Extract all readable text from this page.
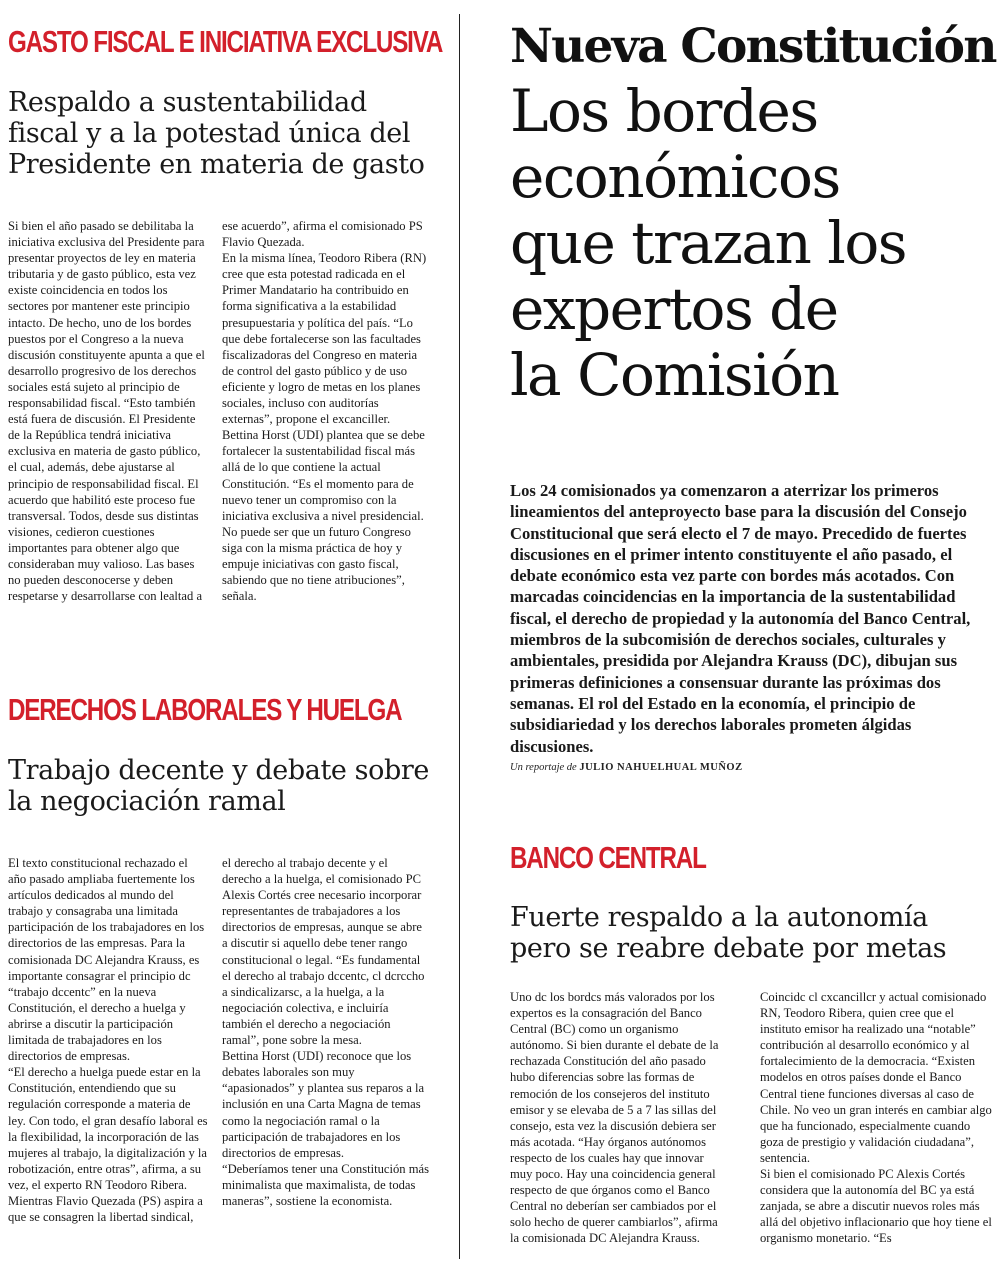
GASTO FISCAL E INICIATIVA EXCLUSIVA
Respaldo a sustentabilidad fiscal y a la potestad única del Presidente en materia de gasto

Si bien el año pasado se debilitaba la iniciativa exclusiva del Presidente para presentar proyectos de ley en materia tributaria y de gasto público, esta vez existe coincidencia en todos los sectores por mantener este principio intacto. De hecho, uno de los bordes puestos por el Congreso a la nueva discusión constituyente apunta a que el desarrollo progresivo de los derechos sociales está sujeto al principio de responsabilidad fiscal. “Esto también está fuera de discusión. El Presidente de la República tendrá iniciativa exclusiva en materia de gasto público, el cual, además, debe ajustarse al principio de responsabilidad fiscal. El acuerdo que habilitó este proceso fue transversal. Todos, desde sus distintas visiones, cedieron cuestiones importantes para obtener algo que consideraban muy valioso. Las bases no pueden desconocerse y deben respetarse y desarrollarse con lealtad a

ese acuerdo”, afirma el comisionado PS Flavio Quezada.

En la misma línea, Teodoro Ribera (RN) cree que esta potestad radicada en el Primer Mandatario ha contribuido en forma significativa a la estabilidad presupuestaria y política del país. “Lo que debe fortalecerse son las facultades fiscalizadoras del Congreso en materia de control del gasto público y de uso eficiente y logro de metas en los planes sociales, incluso con auditorías externas”, propone el excanciller.

Bettina Horst (UDI) plantea que se debe fortalecer la sustentabilidad fiscal más allá de lo que contiene la actual Constitución. “Es el momento para de nuevo tener un compromiso con la iniciativa exclusiva a nivel presidencial. No puede ser que un futuro Congreso siga con la misma práctica de hoy y empuje iniciativas con gasto fiscal, sabiendo que no tiene atribuciones”, señala.

DERECHOS LABORALES Y HUELGA
Trabajo decente y debate sobre la negociación ramal

El texto constitucional rechazado el año pasado ampliaba fuertemente los artículos dedicados al mundo del trabajo y consagraba una limitada participación de los trabajadores en los directorios de las empresas. Para la comisionada DC Alejandra Krauss, es importante consagrar el principio dc “trabajo dccentc” en la nueva Constitución, el derecho a huelga y abrirse a discutir la participación limitada de trabajadores en los directorios de empresas.

“El derecho a huelga puede estar en la Constitución, entendiendo que su regulación corresponde a materia de ley. Con todo, el gran desafío laboral es la flexibilidad, la incorporación de las mujeres al trabajo, la digitalización y la robotización, entre otras”, afirma, a su vez, el experto RN Teodoro Ribera.

Mientras Flavio Quezada (PS) aspira a que se consagren la libertad sindical,

el derecho al trabajo decente y el derecho a la huelga, el comisionado PC Alexis Cortés cree necesario incorporar representantes de trabajadores a los directorios de empresas, aunque se abre a discutir si aquello debe tener rango constitucional o legal. “Es fundamental el derecho al trabajo dccentc, cl dcrccho a sindicalizarsc, a la huelga, a la negociación colectiva, e incluiría también el derecho a negociación ramal”, pone sobre la mesa.

Bettina Horst (UDI) reconoce que los debates laborales son muy “apasionados” y plantea sus reparos a la inclusión en una Carta Magna de temas como la negociación ramal o la participación de trabajadores en los directorios de empresas.

“Deberíamos tener una Constitución más minimalista que maximalista, de todas maneras”, sostiene la economista.

Nueva Constitución
Los bordes
económicos
que trazan los
expertos de
la Comisión

Los 24 comisionados ya comenzaron a aterrizar los primeros lineamientos del anteproyecto base para la discusión del Consejo Constitucional que será electo el 7 de mayo. Precedido de fuertes discusiones en el primer intento constituyente el año pasado, el debate económico esta vez parte con bordes más acotados. Con marcadas coincidencias en la importancia de la sustentabilidad fiscal, el derecho de propiedad y la autonomía del Banco Central, miembros de la subcomisión de derechos sociales, culturales y ambientales, presidida por Alejandra Krauss (DC), dibujan sus primeras definiciones a consensuar durante las próximas dos semanas. El rol del Estado en la economía, el principio de subsidiariedad y los derechos laborales prometen álgidas discusiones.

Un reportaje de JULIO NAHUELHUAL MUÑOZ
BANCO CENTRAL
Fuerte respaldo a la autonomía pero se reabre debate por metas

Uno dc los bordcs más valorados por los expertos es la consagración del Banco Central (BC) como un organismo autónomo. Si bien durante el debate de la rechazada Constitución del año pasado hubo diferencias sobre las formas de remoción de los consejeros del instituto emisor y se elevaba de 5 a 7 las sillas del consejo, esta vez la discusión debiera ser más acotada. “Hay órganos autónomos respecto de los cuales hay que innovar muy poco. Hay una coincidencia general respecto de que órganos como el Banco Central no deberían ser cambiados por el solo hecho de querer cambiarlos”, afirma la comisionada DC Alejandra Krauss.

Coincidc cl cxcancillcr y actual comisionado RN, Teodoro Ribera, quien cree que el instituto emisor ha realizado una “notable” contribución al desarrollo económico y al fortalecimiento de la democracia. “Existen modelos en otros países donde el Banco Central tiene funciones diversas al caso de Chile. No veo un gran interés en cambiar algo que ha funcionado, especialmente cuando goza de prestigio y validación ciudadana”, sentencia.

Si bien el comisionado PC Alexis Cortés considera que la autonomía del BC ya está zanjada, se abre a discutir nuevos roles más allá del objetivo inflacionario que hoy tiene el organismo monetario. “Es
